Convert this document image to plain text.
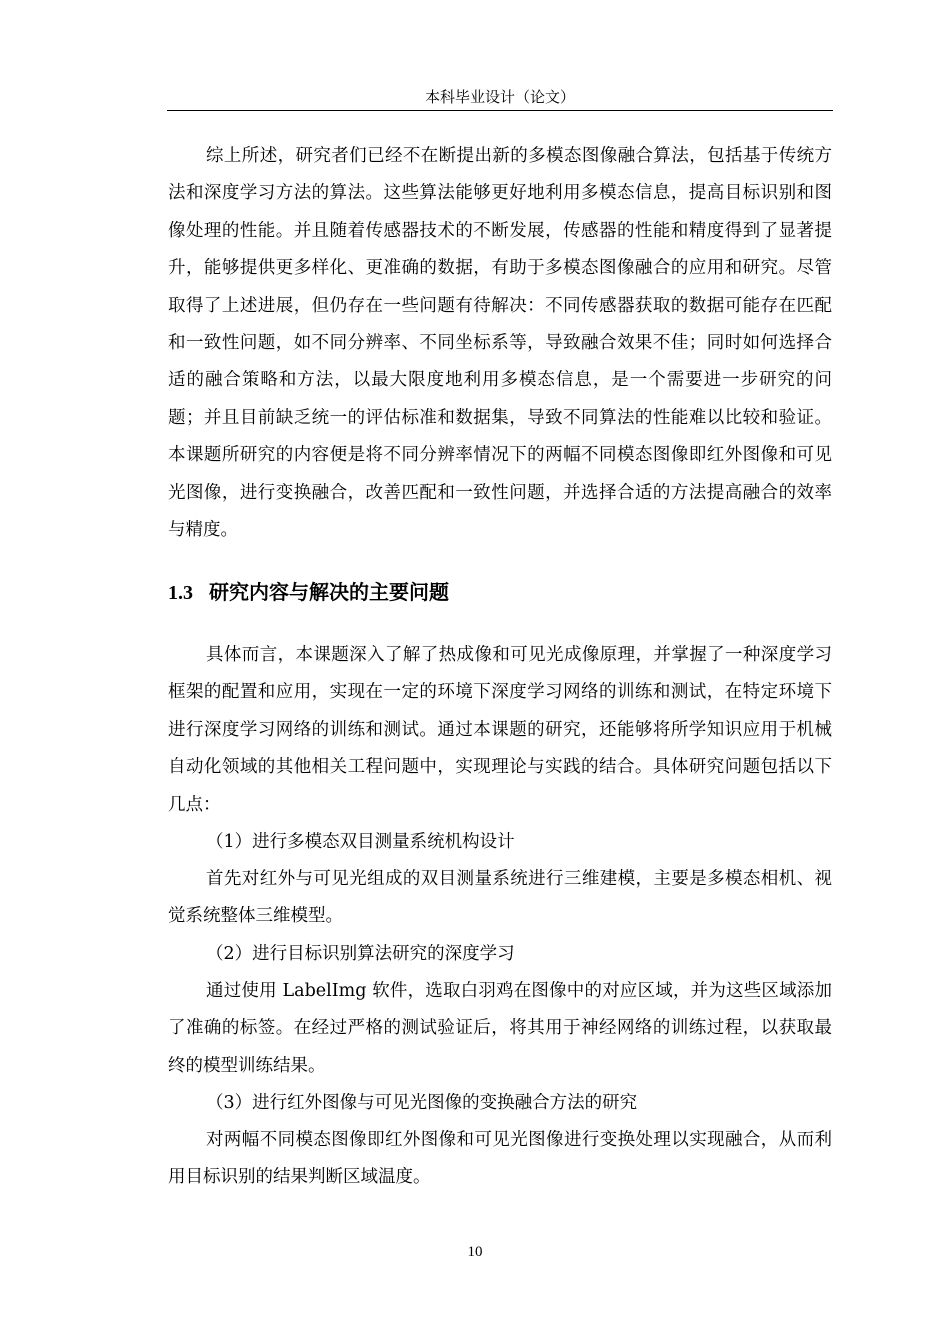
本科毕业设计（论文）

综上所述，研究者们已经不在断提出新的多模态图像融合算法，包括基于传统方法和深度学习方法的算法。这些算法能够更好地利用多模态信息，提高目标识别和图像处理的性能。并且随着传感器技术的不断发展，传感器的性能和精度得到了显著提升，能够提供更多样化、更准确的数据，有助于多模态图像融合的应用和研究。尽管取得了上述进展，但仍存在一些问题有待解决：不同传感器获取的数据可能存在匹配和一致性问题，如不同分辨率、不同坐标系等，导致融合效果不佳；同时如何选择合适的融合策略和方法，以最大限度地利用多模态信息，是一个需要进一步研究的问题；并且目前缺乏统一的评估标准和数据集，导致不同算法的性能难以比较和验证。本课题所研究的内容便是将不同分辨率情况下的两幅不同模态图像即红外图像和可见光图像，进行变换融合，改善匹配和一致性问题，并选择合适的方法提高融合的效率与精度。

1.3 研究内容与解决的主要问题

具体而言，本课题深入了解了热成像和可见光成像原理，并掌握了一种深度学习框架的配置和应用，实现在一定的环境下深度学习网络的训练和测试，在特定环境下进行深度学习网络的训练和测试。通过本课题的研究，还能够将所学知识应用于机械自动化领域的其他相关工程问题中，实现理论与实践的结合。具体研究问题包括以下几点：

（1）进行多模态双目测量系统机构设计

首先对红外与可见光组成的双目测量系统进行三维建模，主要是多模态相机、视觉系统整体三维模型。

（2）进行目标识别算法研究的深度学习

通过使用 LabelImg 软件，选取白羽鸡在图像中的对应区域，并为这些区域添加了准确的标签。在经过严格的测试验证后，将其用于神经网络的训练过程，以获取最终的模型训练结果。

（3）进行红外图像与可见光图像的变换融合方法的研究

对两幅不同模态图像即红外图像和可见光图像进行变换处理以实现融合，从而利用目标识别的结果判断区域温度。

10
